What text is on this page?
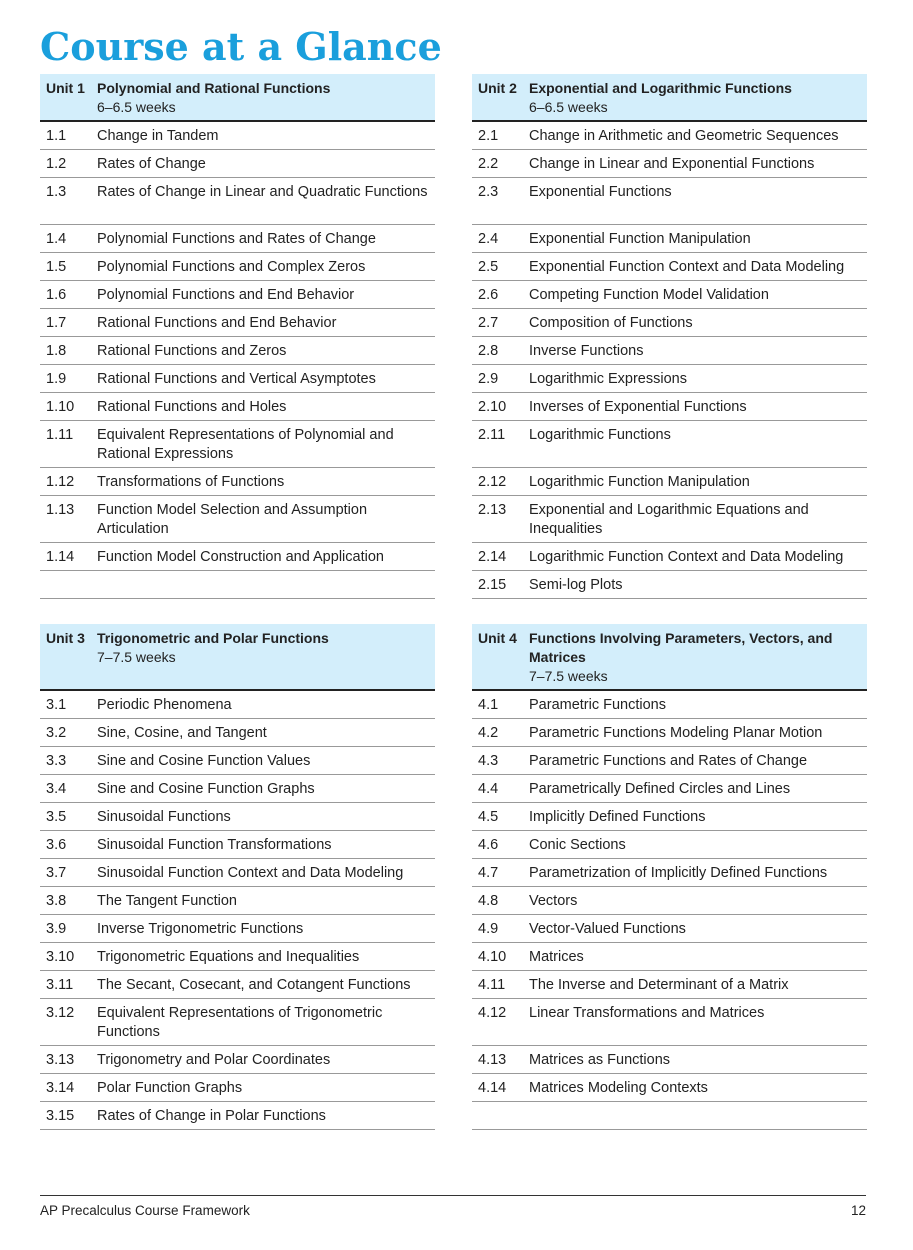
Course at a Glance
Unit 1 Polynomial and Rational Functions
6–6.5 weeks
1.1	Change in Tandem
1.2	Rates of Change
1.3	Rates of Change in Linear and Quadratic Functions
1.4	Polynomial Functions and Rates of Change
1.5	Polynomial Functions and Complex Zeros
1.6	Polynomial Functions and End Behavior
1.7	Rational Functions and End Behavior
1.8	Rational Functions and Zeros
1.9	Rational Functions and Vertical Asymptotes
1.10	Rational Functions and Holes
1.11	Equivalent Representations of Polynomial and Rational Expressions
1.12	Transformations of Functions
1.13	Function Model Selection and Assumption Articulation
1.14	Function Model Construction and Application
Unit 2 Exponential and Logarithmic Functions
6–6.5 weeks
2.1	Change in Arithmetic and Geometric Sequences
2.2	Change in Linear and Exponential Functions
2.3	Exponential Functions
2.4	Exponential Function Manipulation
2.5	Exponential Function Context and Data Modeling
2.6	Competing Function Model Validation
2.7	Composition of Functions
2.8	Inverse Functions
2.9	Logarithmic Expressions
2.10	Inverses of Exponential Functions
2.11	Logarithmic Functions
2.12	Logarithmic Function Manipulation
2.13	Exponential and Logarithmic Equations and Inequalities
2.14	Logarithmic Function Context and Data Modeling
2.15	Semi-log Plots
Unit 3 Trigonometric and Polar Functions
7–7.5 weeks
3.1	Periodic Phenomena
3.2	Sine, Cosine, and Tangent
3.3	Sine and Cosine Function Values
3.4	Sine and Cosine Function Graphs
3.5	Sinusoidal Functions
3.6	Sinusoidal Function Transformations
3.7	Sinusoidal Function Context and Data Modeling
3.8	The Tangent Function
3.9	Inverse Trigonometric Functions
3.10	Trigonometric Equations and Inequalities
3.11	The Secant, Cosecant, and Cotangent Functions
3.12	Equivalent Representations of Trigonometric Functions
3.13	Trigonometry and Polar Coordinates
3.14	Polar Function Graphs
3.15	Rates of Change in Polar Functions
Unit 4 Functions Involving Parameters, Vectors, and Matrices
7–7.5 weeks
4.1	Parametric Functions
4.2	Parametric Functions Modeling Planar Motion
4.3	Parametric Functions and Rates of Change
4.4	Parametrically Defined Circles and Lines
4.5	Implicitly Defined Functions
4.6	Conic Sections
4.7	Parametrization of Implicitly Defined Functions
4.8	Vectors
4.9	Vector-Valued Functions
4.10	Matrices
4.11	The Inverse and Determinant of a Matrix
4.12	Linear Transformations and Matrices
4.13	Matrices as Functions
4.14	Matrices Modeling Contexts
AP Precalculus Course Framework	12
